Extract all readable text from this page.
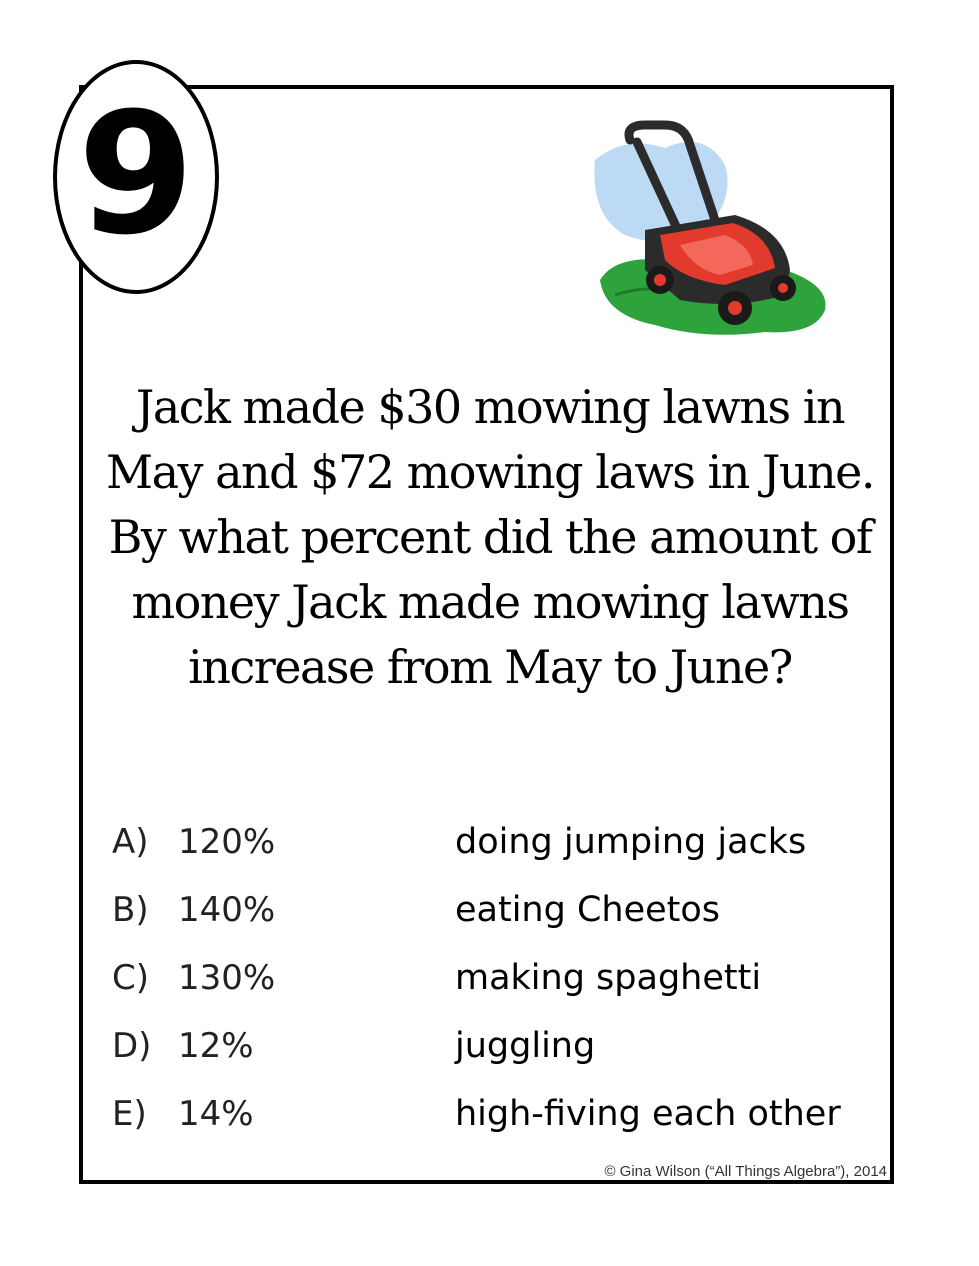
9

Jack made $30 mowing lawns in May and $72 mowing laws in June. By what percent did the amount of money Jack made mowing lawns increase from May to June?

A) 120%	doing jumping jacks
B) 140%	eating Cheetos
C) 130%	making spaghetti
D) 12%	juggling
E) 14%	high-fiving each other
© Gina Wilson (“All Things Algebra”), 2014
